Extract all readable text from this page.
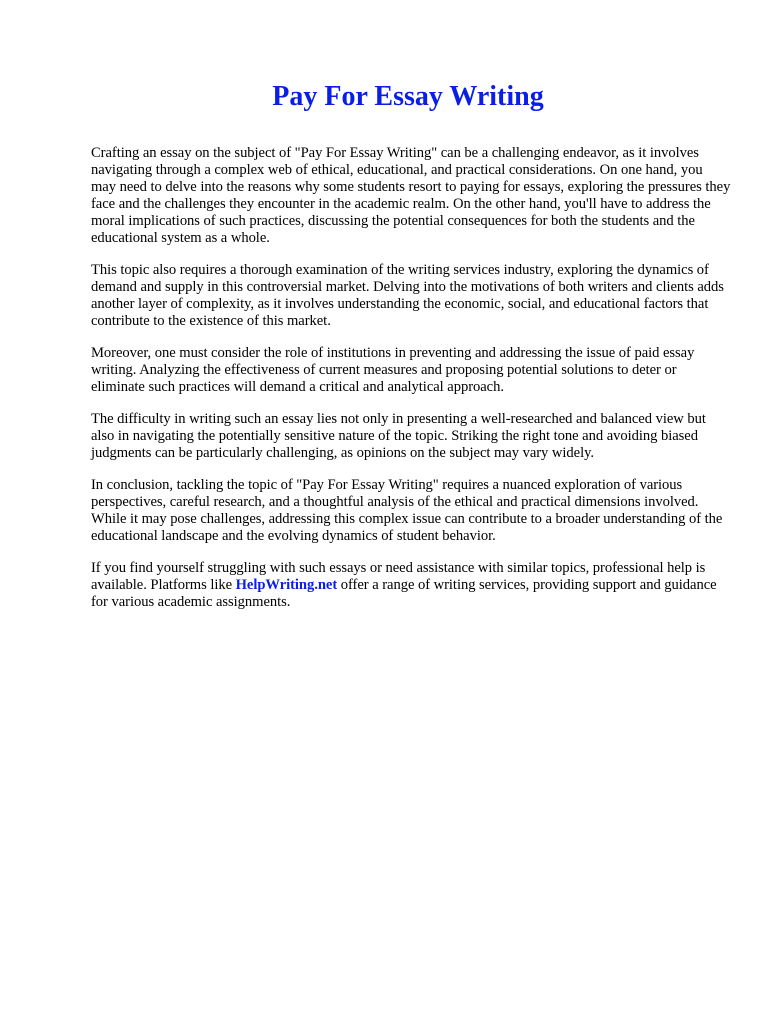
Pay For Essay Writing

Crafting an essay on the subject of "Pay For Essay Writing" can be a challenging endeavor, as it involves navigating through a complex web of ethical, educational, and practical considerations. On one hand, you may need to delve into the reasons why some students resort to paying for essays, exploring the pressures they face and the challenges they encounter in the academic realm. On the other hand, you'll have to address the moral implications of such practices, discussing the potential consequences for both the students and the educational system as a whole.

This topic also requires a thorough examination of the writing services industry, exploring the dynamics of demand and supply in this controversial market. Delving into the motivations of both writers and clients adds another layer of complexity, as it involves understanding the economic, social, and educational factors that contribute to the existence of this market.

Moreover, one must consider the role of institutions in preventing and addressing the issue of paid essay writing. Analyzing the effectiveness of current measures and proposing potential solutions to deter or eliminate such practices will demand a critical and analytical approach.

The difficulty in writing such an essay lies not only in presenting a well-researched and balanced view but also in navigating the potentially sensitive nature of the topic. Striking the right tone and avoiding biased judgments can be particularly challenging, as opinions on the subject may vary widely.

In conclusion, tackling the topic of "Pay For Essay Writing" requires a nuanced exploration of various perspectives, careful research, and a thoughtful analysis of the ethical and practical dimensions involved. While it may pose challenges, addressing this complex issue can contribute to a broader understanding of the educational landscape and the evolving dynamics of student behavior.

If you find yourself struggling with such essays or need assistance with similar topics, professional help is available. Platforms like HelpWriting.net offer a range of writing services, providing support and guidance for various academic assignments.
